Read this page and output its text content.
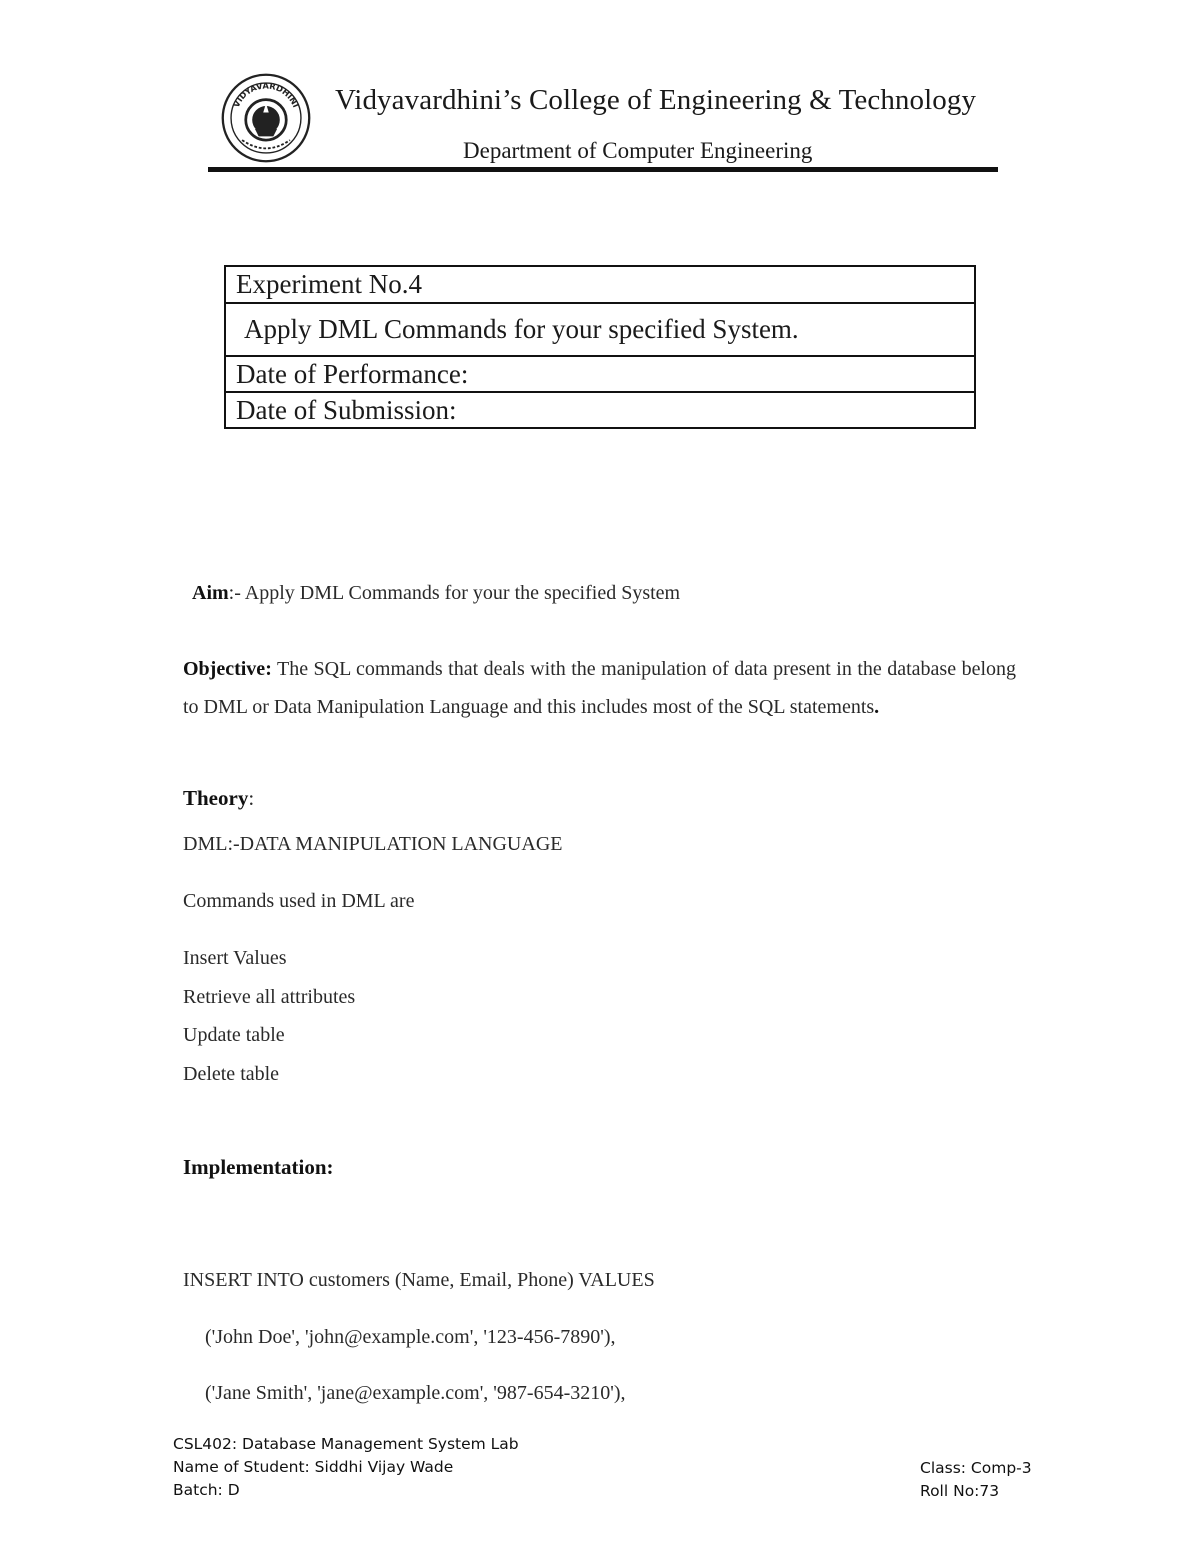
VIDYAVARDHINI Vidyavardhini’s College of Engineering & Technology
Department of Computer Engineering
Experiment No.4
Apply DML Commands for your specified System.
Date of Performance:
Date of Submission:
Aim:- Apply DML Commands for your the specified System
Objective: The SQL commands that deals with the manipulation of data present in the database belong to DML or Data Manipulation Language and this includes most of the SQL statements.
Theory:
DML:-DATA MANIPULATION LANGUAGE
Commands used in DML are
Insert Values
Retrieve all attributes
Update table
Delete table
Implementation:
INSERT INTO customers (Name, Email, Phone) VALUES
('John Doe', 'john@example.com', '123-456-7890'),
('Jane Smith', 'jane@example.com', '987-654-3210'),
CSL402: Database Management System Lab
Name of Student: Siddhi Vijay Wade
Batch: D
Class: Comp-3
Roll No:73
